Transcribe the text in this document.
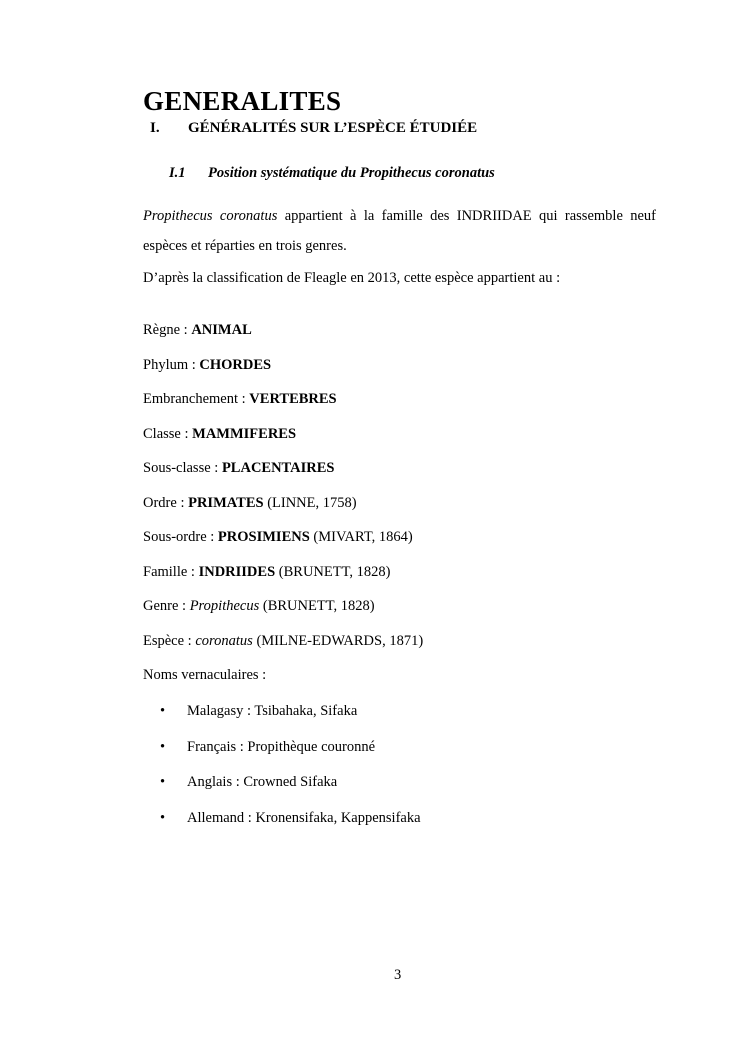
GENERALITES
I. GÉNÉRALITÉS SUR L’ESPÈCE ÉTUDIÉE
I.1 Position systématique du Propithecus coronatus
Propithecus coronatus appartient à la famille des INDRIIDAE qui rassemble neuf espèces et réparties en trois genres.
D’après la classification de Fleagle en 2013, cette espèce appartient au :
Règne : ANIMAL
Phylum : CHORDES
Embranchement : VERTEBRES
Classe : MAMMIFERES
Sous-classe : PLACENTAIRES
Ordre : PRIMATES (LINNE, 1758)
Sous-ordre : PROSIMIENS (MIVART, 1864)
Famille : INDRIIDES (BRUNETT, 1828)
Genre : Propithecus (BRUNETT, 1828)
Espèce : coronatus (MILNE-EDWARDS, 1871)
Noms vernaculaires :
• Malagasy : Tsibahaka, Sifaka
• Français : Propithèque couronné
• Anglais : Crowned Sifaka
• Allemand : Kronensifaka, Kappensifaka
3
